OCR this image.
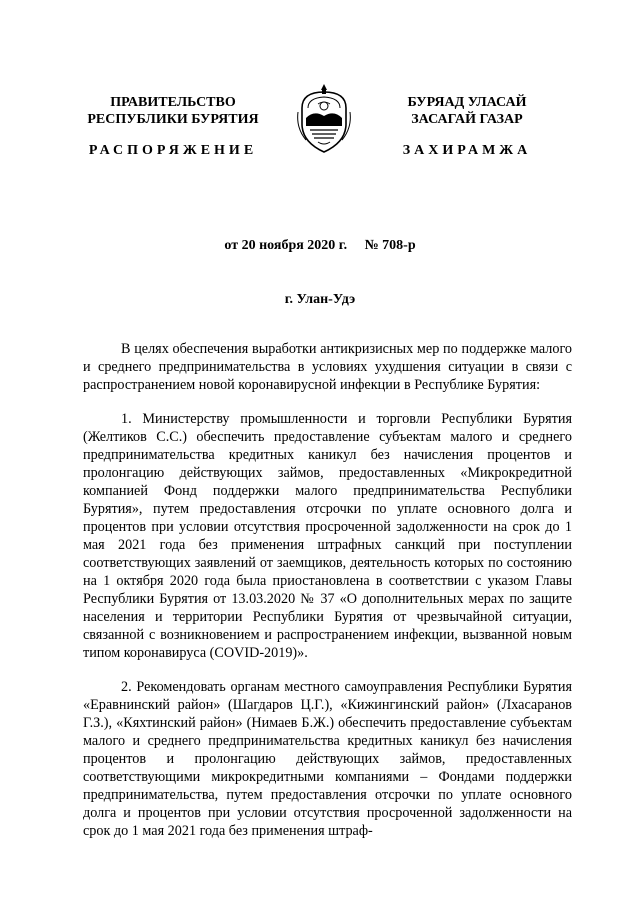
ПРАВИТЕЛЬСТВО
РЕСПУБЛИКИ БУРЯТИЯ
БУРЯАД УЛАСАЙ
ЗАСАГАЙ ГАЗАР
РАСПОРЯЖЕНИЕ	ЗАХИРАМЖА
от 20 ноября 2020 г. № 708-р
г. Улан-Удэ

В целях обеспечения выработки антикризисных мер по поддержке малого и среднего предпринимательства в условиях ухудшения ситуации в связи с распространением новой коронавирусной инфекции в Республике Бурятия:

1. Министерству промышленности и торговли Республики Бурятия (Желтиков С.С.) обеспечить предоставление субъектам малого и среднего предпринимательства кредитных каникул без начисления процентов и пролонгацию действующих займов, предоставленных «Микрокредитной компанией Фонд поддержки малого предпринимательства Республики Бурятия», путем предоставления отсрочки по уплате основного долга и процентов при условии отсутствия просроченной задолженности на срок до 1 мая 2021 года без применения штрафных санкций при поступлении соответствующих заявлений от заемщиков, деятельность которых по состоянию на 1 октября 2020 года была приостановлена в соответствии с указом Главы Республики Бурятия от 13.03.2020 № 37 «О дополнительных мерах по защите населения и территории Республики Бурятия от чрезвычайной ситуации, связанной с возникновением и распространением инфекции, вызванной новым типом коронавируса (COVID-2019)».

2. Рекомендовать органам местного самоуправления Республики Бурятия «Еравнинский район» (Шагдаров Ц.Г.), «Кижингинский район» (Лхасаранов Г.З.), «Кяхтинский район» (Нимаев Б.Ж.) обеспечить предоставление субъектам малого и среднего предпринимательства кредитных каникул без начисления процентов и пролонгацию действующих займов, предоставленных соответствующими микрокредитными компаниями – Фондами поддержки предпринимательства, путем предоставления отсрочки по уплате основного долга и процентов при условии отсутствия просроченной задолженности на срок до 1 мая 2021 года без применения штраф-
